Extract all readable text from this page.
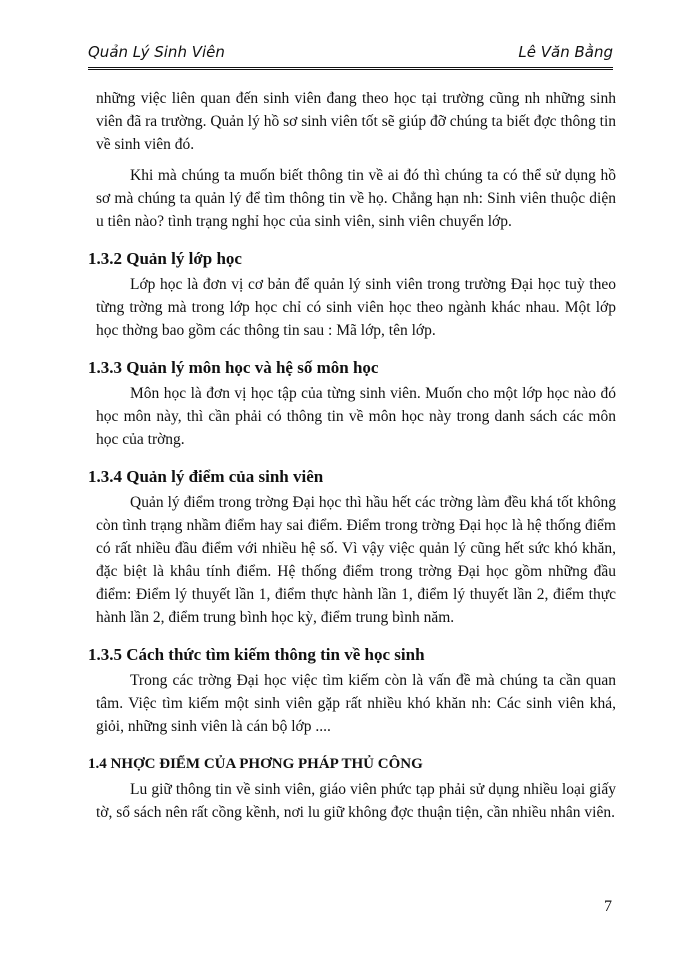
Quản Lý Sinh Viên	Lê Văn Bằng

những việc liên quan đến sinh viên đang theo học tại trường cũng nh những sinh viên đã ra trường. Quản lý hồ sơ sinh viên tốt sẽ giúp đỡ chúng ta biết đợc thông tin về sinh viên đó.

Khi mà chúng ta muốn biết thông tin về ai đó thì chúng ta có thể sử dụng hồ sơ mà chúng ta quản lý để tìm thông tin về họ. Chẳng hạn nh: Sinh viên thuộc diện u tiên nào? tình trạng nghỉ học của sinh viên, sinh viên chuyển lớp.

1.3.2 Quản lý lớp học

Lớp học là đơn vị cơ bản để quản lý sinh viên trong trường Đại học tuỳ theo từng trờng mà trong lớp học chỉ có sinh viên học theo ngành khác nhau. Một lớp học thờng bao gồm các thông tin sau : Mã lớp, tên lớp.

1.3.3 Quản lý môn học và hệ số môn học

Môn học là đơn vị học tập của từng sinh viên. Muốn cho một lớp học nào đó học môn này, thì cần phải có thông tin về môn học này trong danh sách các môn học của trờng.

1.3.4 Quản lý điểm của sinh viên

Quản lý điểm trong trờng Đại học thì hầu hết các trờng làm đều khá tốt không còn tình trạng nhầm điểm hay sai điểm. Điểm trong trờng Đại học là hệ thống điểm có rất nhiều đầu điểm với nhiều hệ số. Vì vậy việc quản lý cũng hết sức khó khăn, đặc biệt là khâu tính điểm. Hệ thống điểm trong trờng Đại học gồm những đầu điểm: Điểm lý thuyết lần 1, điểm thực hành lần 1, điểm lý thuyết lần 2, điểm thực hành lần 2, điểm trung bình học kỳ, điểm trung bình năm.

1.3.5 Cách thức tìm kiếm thông tin về học sinh

Trong các trờng Đại học việc tìm kiếm còn là vấn đề mà chúng ta cần quan tâm. Việc tìm kiếm một sinh viên gặp rất nhiều khó khăn nh: Các sinh viên khá, giỏi, những sinh viên là cán bộ lớp ....

1.4 NHỢC ĐIỂM CỦA PHƠNG PHÁP THỦ CÔNG

Lu giữ thông tin về sinh viên, giáo viên phức tạp phải sử dụng nhiều loại giấy tờ, sổ sách nên rất cồng kềnh, nơi lu giữ không đợc thuận tiện, cần nhiều nhân viên.

7
